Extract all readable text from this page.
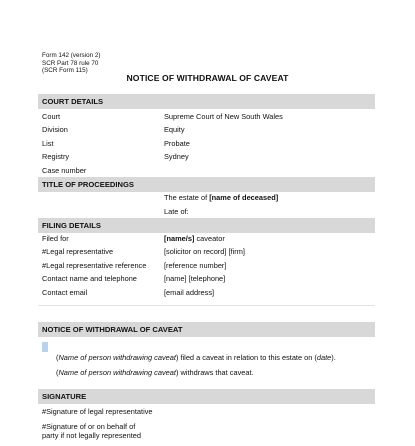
Form 142 (version 2)
SCR Part 78 rule 70
(SCR Form 115)
NOTICE OF WITHDRAWAL OF CAVEAT
COURT DETAILS
Court	Supreme Court of New South Wales
Division	Equity
List	Probate
Registry	Sydney
Case number
TITLE OF PROCEEDINGS
The estate of [name of deceased]
Late of:
FILING DETAILS
Filed for	[name/s] caveator
#Legal representative	[solicitor on record] [firm]
#Legal representative reference [reference number]
Contact name and telephone	[name] [telephone]
Contact email	[email address]
NOTICE OF WITHDRAWAL OF CAVEAT
(Name of person withdrawing caveat) filed a caveat in relation to this estate on (date).
(Name of person withdrawing caveat) withdraws that caveat.
SIGNATURE
#Signature of legal representative
#Signature of or on behalf of
party if not legally represented
